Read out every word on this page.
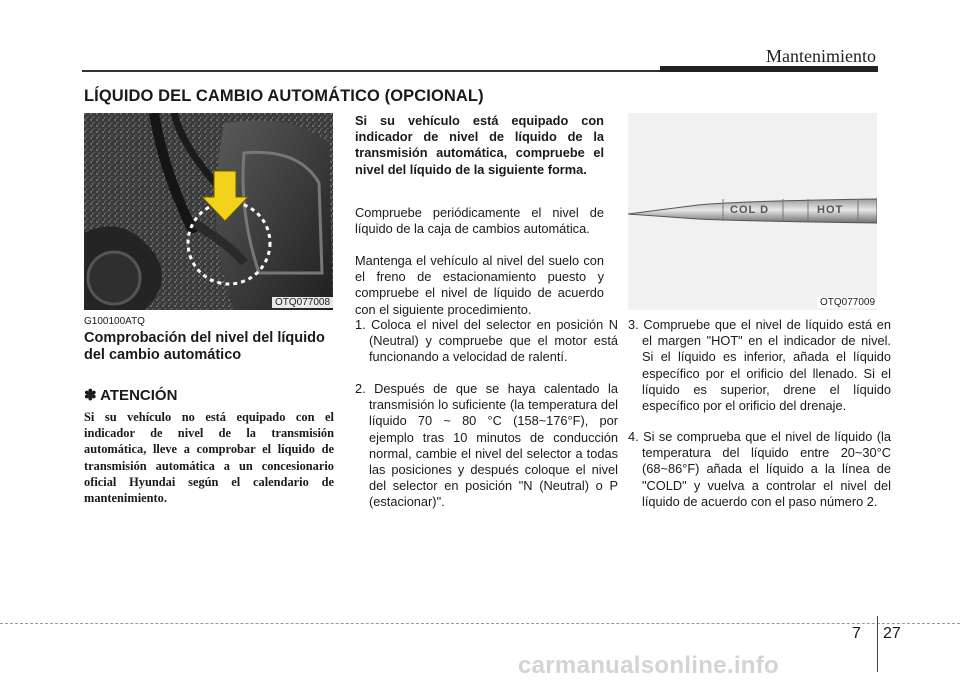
Mantenimiento
LÍQUIDO DEL CAMBIO AUTOMÁTICO (OPCIONAL)
OTQ077008
G100100ATQ
Comprobación del nivel del líquido del cambio automático
✽ ATENCIÓN
Si su vehículo no está equipado con el indicador de nivel de la transmisión automática, lleve a comprobar el líquido de transmisión automática a un concesionario oficial Hyundai según el calendario de mantenimiento.
Si su vehículo está equipado con indicador de nivel de líquido de la transmisión automática, compruebe el nivel del líquido de la siguiente forma.
Compruebe periódicamente el nivel de líquido de la caja de cambios automática.
Mantenga el vehículo al nivel del suelo con el freno de estacionamiento puesto y compruebe el nivel de líquido de acuerdo con el siguiente procedimiento.
1. Coloca el nivel del selector en posición N (Neutral) y compruebe que el motor está funcionando a velocidad de ralentí.
2. Después de que se haya calentado la transmisión lo suficiente (la temperatura del líquido 70 ~ 80 °C (158~176°F), por ejemplo tras 10 minutos de conducción normal, cambie el nivel del selector a todas las posiciones y después coloque el nivel del selector en posición "N (Neutral) o P (estacionar)".
COL D	HOT
OTQ077009
3. Compruebe que el nivel de líquido está en el margen "HOT" en el indicador de nivel. Si el líquido es inferior, añada el líquido específico por el orificio del llenado. Si el líquido es superior, drene el líquido específico por el orificio del drenaje.
4. Si se comprueba que el nivel de líquido (la temperatura del líquido entre 20~30°C (68~86°F) añada el líquido a la línea de "COLD" y vuelva a controlar el nivel del líquido de acuerdo con el paso número 2.
7 27
carmanualsonline.info
